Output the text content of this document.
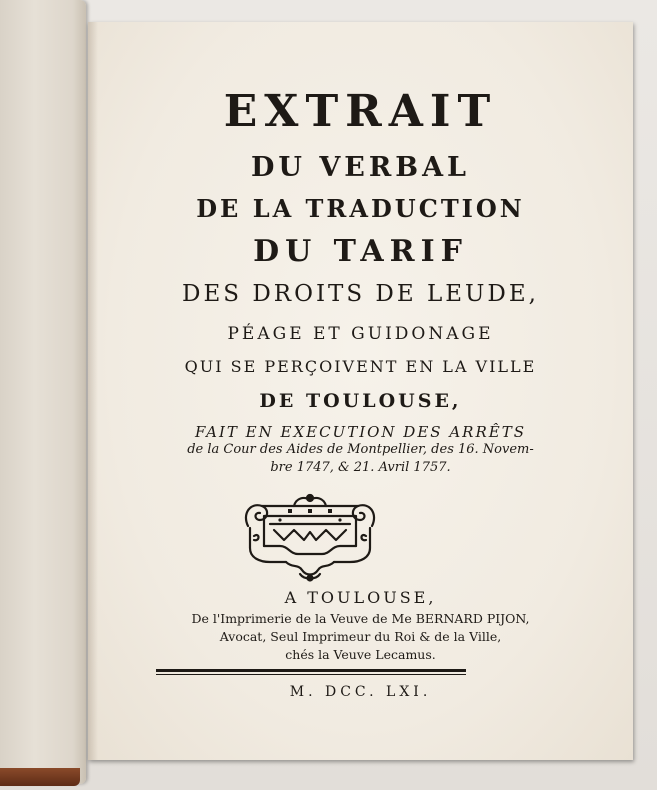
EXTRAIT
DU VERBAL
DE LA TRADUCTION
DU TARIF
DES DROITS DE LEUDE,
PÉAGE ET GUIDONAGE
QUI SE PERÇOIVENT EN LA VILLE
DE TOULOUSE,
FAIT EN EXECUTION DES ARRÊTS
de la Cour des Aides de Montpellier, des 16. Novem-
bre 1747, & 21. Avril 1757.
A TOULOUSE,
De l'Imprimerie de la Veuve de Me BERNARD PIJON,
Avocat, Seul Imprimeur du Roi & de la Ville,
chés la Veuve Lecamus.
M. DCC. LXI.
